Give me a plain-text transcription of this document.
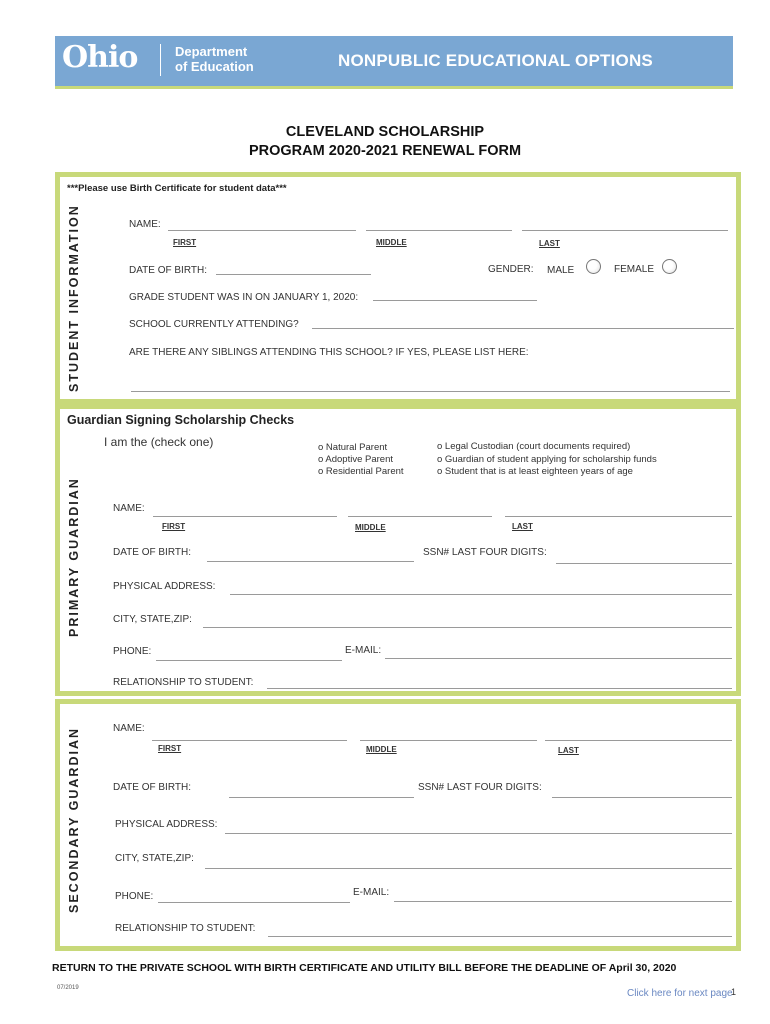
Ohio	Department
of Education	NONPUBLIC EDUCATIONAL OPTIONS
CLEVELAND SCHOLARSHIP
PROGRAM 2020-2021 RENEWAL FORM
STUDENT INFORMATION
***Please use Birth Certificate for student data***
NAME:
FIRST	MIDDLE	LAST
DATE OF BIRTH:	GENDER: MALE	FEMALE
GRADE STUDENT WAS IN ON JANUARY 1, 2020:
SCHOOL CURRENTLY ATTENDING?
ARE THERE ANY SIBLINGS ATTENDING THIS SCHOOL? IF YES, PLEASE LIST HERE:
PRIMARY GUARDIAN
Guardian Signing Scholarship Checks
I am the (check one)	o Natural Parent
o Adoptive Parent
o Residential Parent
o Legal Custodian (court documents required)
o Guardian of student applying for scholarship funds
o Student that is at least eighteen years of age
NAME:
FIRST	MIDDLE	LAST
DATE OF BIRTH:	SSN# LAST FOUR DIGITS:
PHYSICAL ADDRESS:
CITY, STATE,ZIP:
PHONE:	E-MAIL:
RELATIONSHIP TO STUDENT:
SECONDARY GUARDIAN	NAME:
FIRST	MIDDLE	LAST
DATE OF BIRTH:	SSN# LAST FOUR DIGITS:
PHYSICAL ADDRESS:
CITY, STATE,ZIP:
PHONE:	E-MAIL:
RELATIONSHIP TO STUDENT:
RETURN TO THE PRIVATE SCHOOL WITH BIRTH CERTIFICATE AND UTILITY BILL BEFORE THE DEADLINE OF April 30, 2020
07/2019	Click here for next page
1
